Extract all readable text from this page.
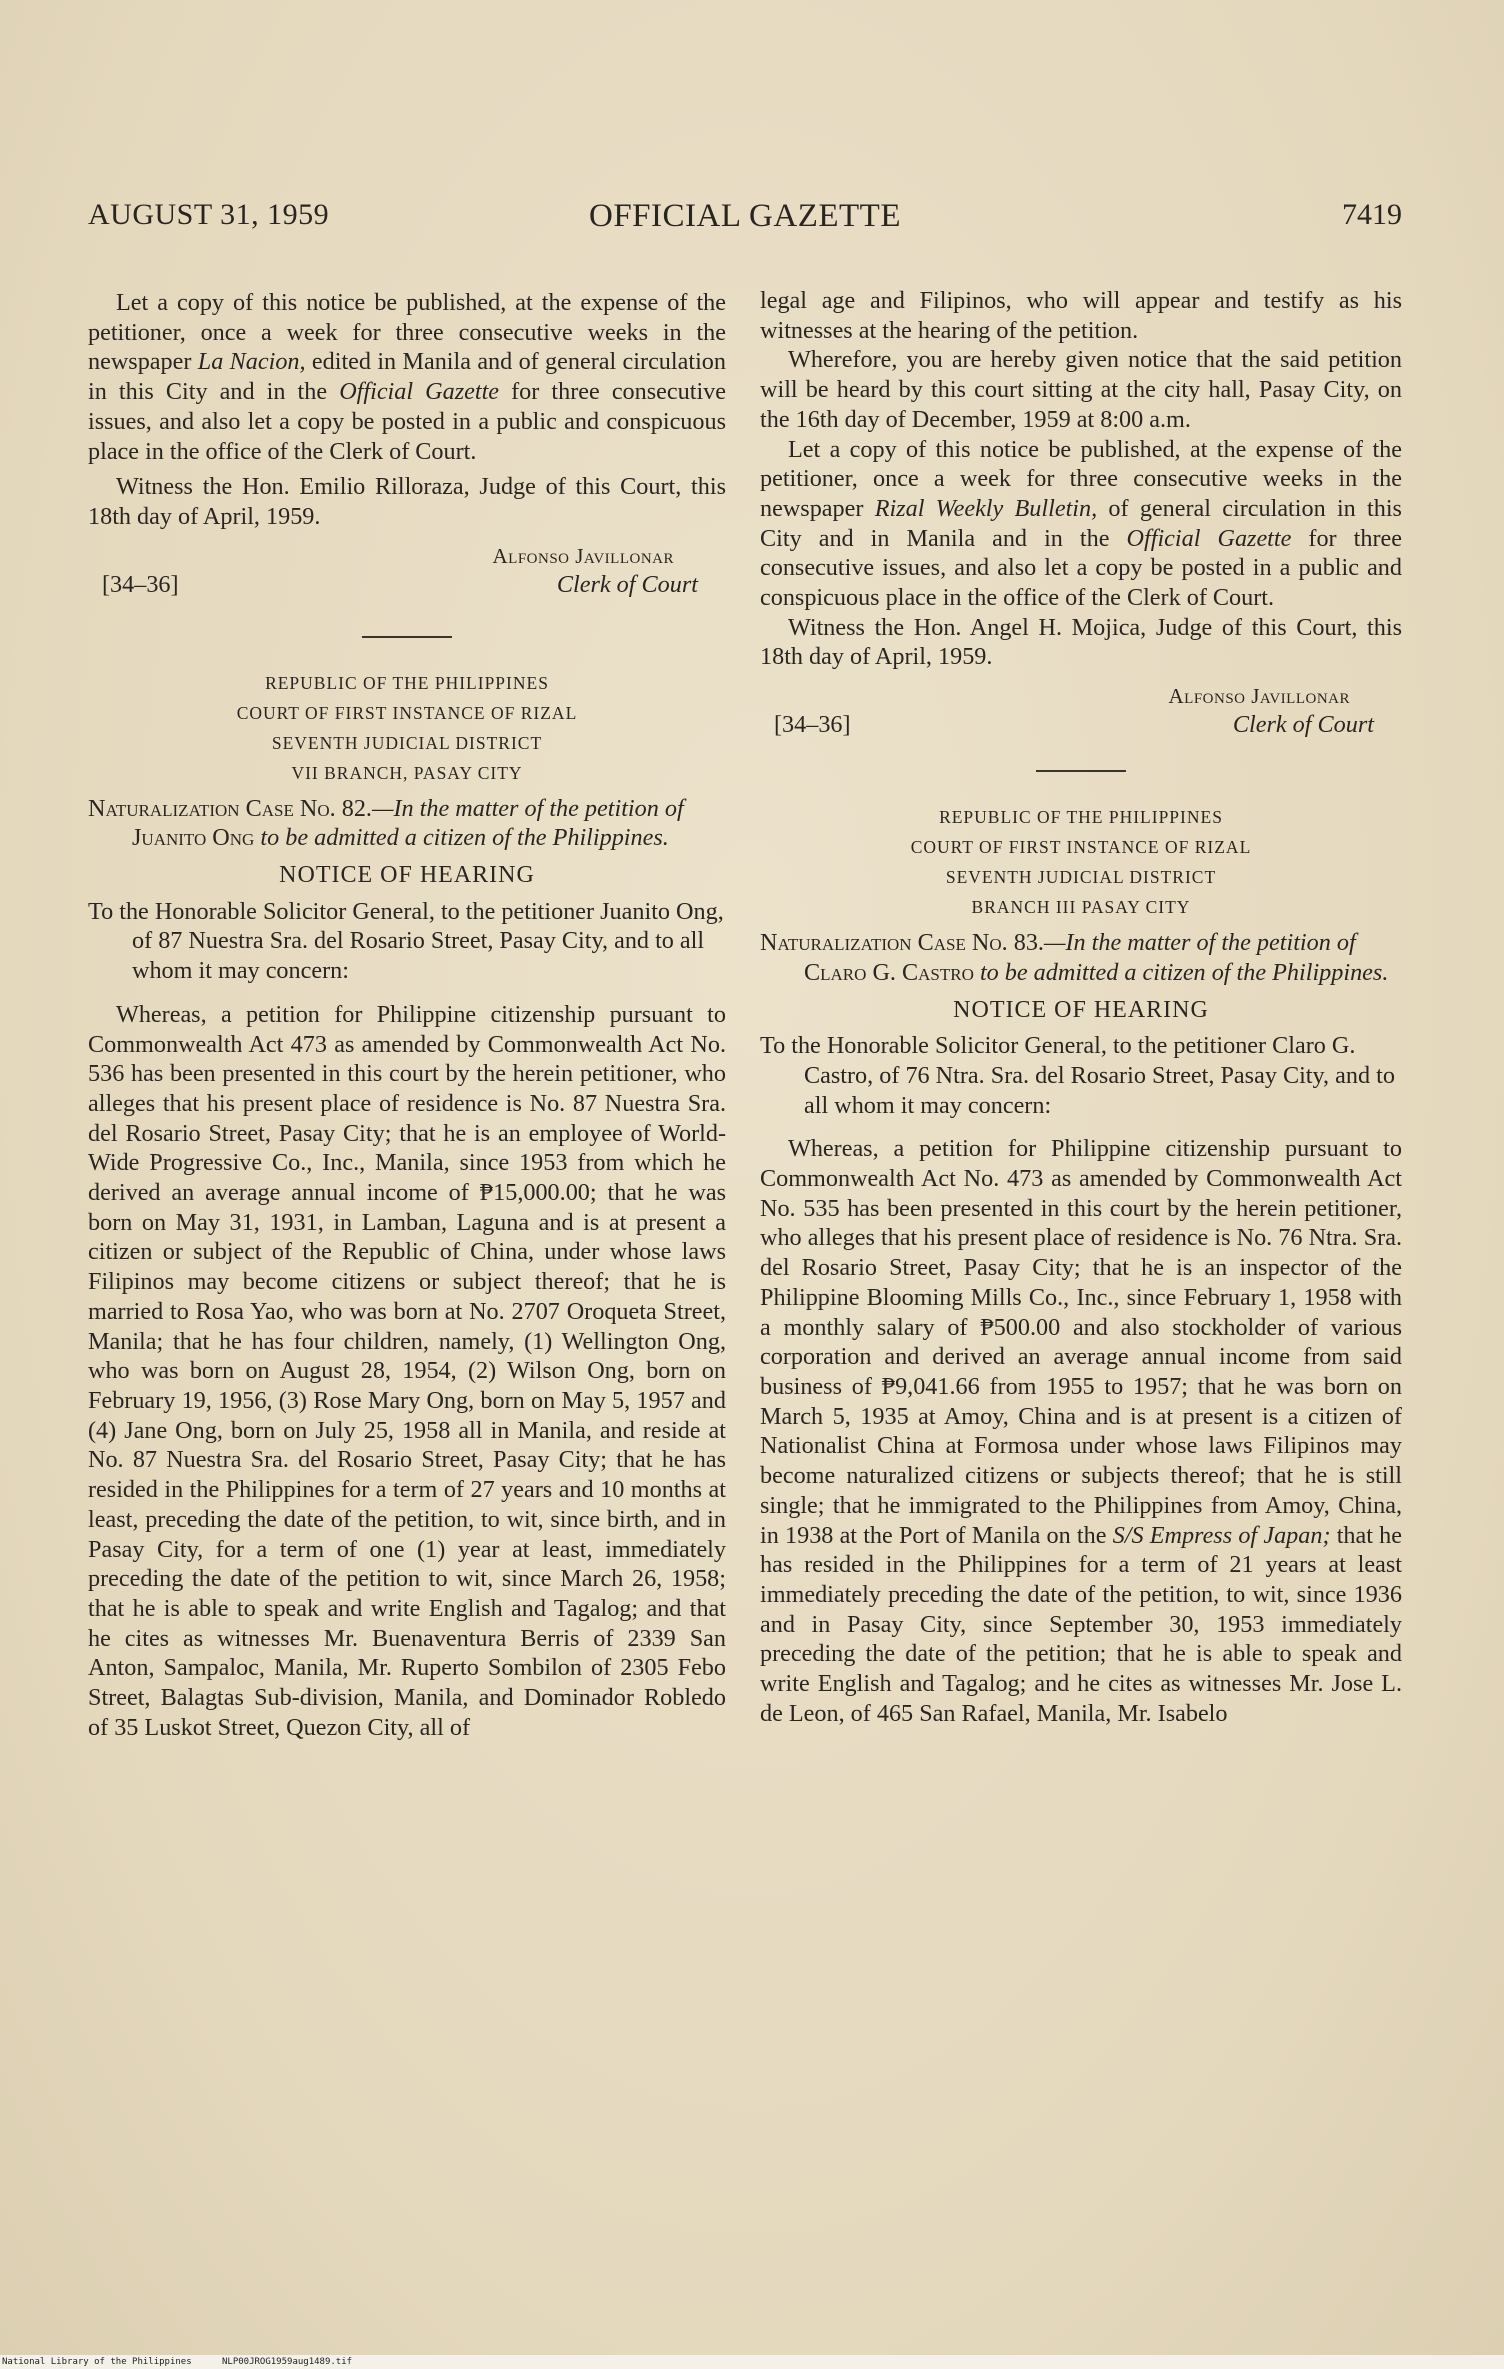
AUGUST 31, 1959	OFFICIAL GAZETTE	7419

Let a copy of this notice be published, at the expense of the petitioner, once a week for three consecutive weeks in the newspaper La Nacion, edited in Manila and of general circulation in this City and in the Official Gazette for three consecutive issues, and also let a copy be posted in a public and conspicuous place in the office of the Clerk of Court.

Witness the Hon. Emilio Rilloraza, Judge of this Court, this 18th day of April, 1959.

Alfonso Javillonar
[34–36]	Clerk of Court
REPUBLIC OF THE PHILIPPINES
COURT OF FIRST INSTANCE OF RIZAL
SEVENTH JUDICIAL DISTRICT
VII BRANCH, PASAY CITY

Naturalization Case No. 82.—In the matter of the petition of Juanito Ong to be admitted a citizen of the Philippines.

NOTICE OF HEARING

To the Honorable Solicitor General, to the petitioner Juanito Ong, of 87 Nuestra Sra. del Rosario Street, Pasay City, and to all whom it may concern:

Whereas, a petition for Philippine citizenship pursuant to Commonwealth Act 473 as amended by Commonwealth Act No. 536 has been presented in this court by the herein petitioner, who alleges that his present place of residence is No. 87 Nuestra Sra. del Rosario Street, Pasay City; that he is an employee of World-Wide Progressive Co., Inc., Manila, since 1953 from which he derived an average annual income of ₱15,000.00; that he was born on May 31, 1931, in Lamban, Laguna and is at present a citizen or subject of the Republic of China, under whose laws Filipinos may become citizens or subject thereof; that he is married to Rosa Yao, who was born at No. 2707 Oroqueta Street, Manila; that he has four children, namely, (1) Wellington Ong, who was born on August 28, 1954, (2) Wilson Ong, born on February 19, 1956, (3) Rose Mary Ong, born on May 5, 1957 and (4) Jane Ong, born on July 25, 1958 all in Manila, and reside at No. 87 Nuestra Sra. del Rosario Street, Pasay City; that he has resided in the Philippines for a term of 27 years and 10 months at least, preceding the date of the petition, to wit, since birth, and in Pasay City, for a term of one (1) year at least, immediately preceding the date of the petition to wit, since March 26, 1958; that he is able to speak and write English and Tagalog; and that he cites as witnesses Mr. Buenaventura Berris of 2339 San Anton, Sampaloc, Manila, Mr. Ruperto Sombilon of 2305 Febo Street, Balagtas Sub-division, Manila, and Dominador Robledo of 35 Luskot Street, Quezon City, all of

legal age and Filipinos, who will appear and testify as his witnesses at the hearing of the petition.

Wherefore, you are hereby given notice that the said petition will be heard by this court sitting at the city hall, Pasay City, on the 16th day of December, 1959 at 8:00 a.m.

Let a copy of this notice be published, at the expense of the petitioner, once a week for three consecutive weeks in the newspaper Rizal Weekly Bulletin, of general circulation in this City and in Manila and in the Official Gazette for three consecutive issues, and also let a copy be posted in a public and conspicuous place in the office of the Clerk of Court.

Witness the Hon. Angel H. Mojica, Judge of this Court, this 18th day of April, 1959.

Alfonso Javillonar
[34–36]	Clerk of Court
REPUBLIC OF THE PHILIPPINES
COURT OF FIRST INSTANCE OF RIZAL
SEVENTH JUDICIAL DISTRICT
BRANCH III PASAY CITY

Naturalization Case No. 83.—In the matter of the petition of Claro G. Castro to be admitted a citizen of the Philippines.

NOTICE OF HEARING

To the Honorable Solicitor General, to the petitioner Claro G. Castro, of 76 Ntra. Sra. del Rosario Street, Pasay City, and to all whom it may concern:

Whereas, a petition for Philippine citizenship pursuant to Commonwealth Act No. 473 as amended by Commonwealth Act No. 535 has been presented in this court by the herein petitioner, who alleges that his present place of residence is No. 76 Ntra. Sra. del Rosario Street, Pasay City; that he is an inspector of the Philippine Blooming Mills Co., Inc., since February 1, 1958 with a monthly salary of ₱500.00 and also stockholder of various corporation and derived an average annual income from said business of ₱9,041.66 from 1955 to 1957; that he was born on March 5, 1935 at Amoy, China and is at present is a citizen of Nationalist China at Formosa under whose laws Filipinos may become naturalized citizens or subjects thereof; that he is still single; that he immigrated to the Philippines from Amoy, China, in 1938 at the Port of Manila on the S/S Empress of Japan; that he has resided in the Philippines for a term of 21 years at least immediately preceding the date of the petition, to wit, since 1936 and in Pasay City, since September 30, 1953 immediately preceding the date of the petition; that he is able to speak and write English and Tagalog; and he cites as witnesses Mr. Jose L. de Leon, of 465 San Rafael, Manila, Mr. Isabelo

National Library of the Philippines	NLP00JROG1959aug1489.tif
